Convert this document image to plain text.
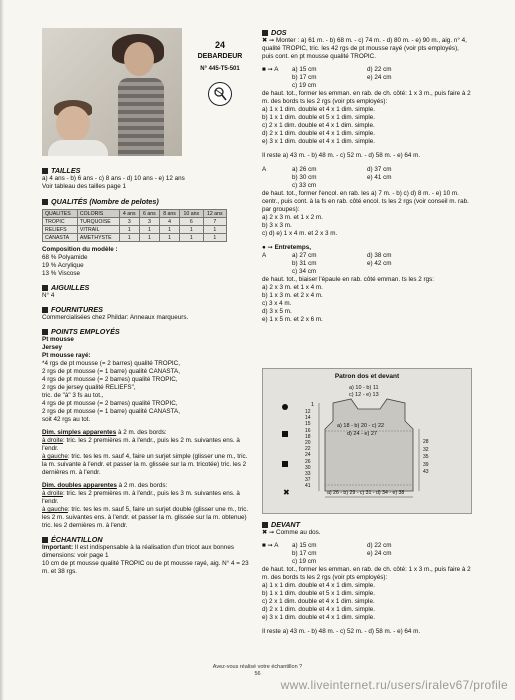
24
DEBARDEUR
N° 445-T5-501
TAILLES
a) 4 ans - b) 6 ans - c) 8 ans - d) 10 ans - e) 12 ans
Voir tableau des tailles page 1
QUALITÉS (Nombre de pelotes)
QUALITES	COLORIS	4 ans	6 ans	8 ans	10 ans	12 ans
TROPIC	TURQUOISE	3	3	4	6	7
RELIEFS	VITRAIL	1	1	1	1	1
CANASTA	AMETHYSTE	1	1	1	1	1
Composition du modèle :
68 % Polyamide
19 % Acrylique
13 % Viscose
AIGUILLES
N° 4
FOURNITURES
Commercialisées chez Phildar: Anneaux marqueurs.
POINTS EMPLOYÉS
Pt mousse
Jersey
Pt mousse rayé:
*4 rgs de pt mousse (= 2 barres) qualité TROPIC,
2 rgs de pt mousse (= 1 barre) qualité CANASTA,
4 rgs de pt mousse (= 2 barres) qualité TROPIC,
2 rgs de jersey qualité RELIEFS",
tric. de "à" 3 fs au tot.,
4 rgs de pt mousse (= 2 barres) qualité TROPIC,
2 rgs de pt mousse (= 1 barre) qualité CANASTA,
soit 42 rgs au tot.
Dim. simples apparentes à 2 m. des bords:
à droite: tric. les 2 premières m. à l'endr., puis les 2 m. suivantes ens. à l'endr.
à gauche: tric. tes les m. sauf 4, faire un surjet simple (glisser une m., tric. la m. suivante à l'endr. et passer la m. glissée sur la m. tricotée) tric. les 2 dernières m. à l'endr.
Dim. doubles apparentes à 2 m. des bords:
à droite: tric. les 2 premières m. à l'endr., puis les 3 m. suivantes ens. à l'endr.
à gauche: tric. tes les m. sauf 5, faire un surjet double (glisser une m., tric. les 2 m. suivantes ens. à l'endr. et passer la m. glissée sur la m. obtenue) tric. les 2 dernières m. à l'endr.
ÉCHANTILLON
Important: Il est indispensable à la réalisation d'un tricot aux bonnes dimensions: voir page 1
10 cm de pt mousse qualité TROPIC ou de pt mousse rayé, aig. N° 4 = 23 m. et 38 rgs.
DOS
✖ ➞ Monter : a) 61 m. - b) 68 m. - c) 74 m. - d) 80 m. - e) 90 m., aig. n° 4, qualité TROPIC, tric. les 42 rgs de pt mousse rayé (voir pts employés), puis cont. en pt mousse qualité TROPIC.
■ ➞ A	a) 15 cm	d) 22 cm
b) 17 cm	e) 24 cm
c) 19 cm
de haut. tot., former les emman. en rab. de ch. côté: 1 x 3 m., puis faire à 2 m. des bords ts les 2 rgs (voir pts employés):
a) 1 x 1 dim. double et 4 x 1 dim. simple.
b) 1 x 1 dim. double et 5 x 1 dim. simple.
c) 2 x 1 dim. double et 4 x 1 dim. simple.
d) 2 x 1 dim. double et 4 x 1 dim. simple.
e) 3 x 1 dim. double et 4 x 1 dim. simple.
Il reste a) 43 m. - b) 48 m. - c) 52 m. - d) 58 m. - e) 64 m.
A	a) 26 cm	d) 37 cm
b) 30 cm	e) 41 cm
c) 33 cm
de haut. tot., former l'encol. en rab. les a) 7 m. - b) c) d) 8 m. - e) 10 m. centr., puis cont. à la fs en rab. côté encol. ts les 2 rgs (voir conseil m. rab. par groupes):
a) 2 x 3 m. et 1 x 2 m.
b) 3 x 3 m.
c) d) e) 1 x 4 m. et 2 x 3 m.
● ➞ Entretemps,
A	a) 27 cm	d) 38 cm
b) 31 cm	e) 42 cm
c) 34 cm
de haut. tot., biaiser l'épaule en rab. côté emman. ts les 2 rgs:
a) 2 x 3 m. et 1 x 4 m.
b) 1 x 3 m. et 2 x 4 m.
c) 3 x 4 m.
d) 3 x 5 m.
e) 1 x 5 m. et 2 x 6 m.
Patron dos et devant
✖
a) 10 - b) 11
c) 12 - e) 13
1
a) 18 - b) 20 - c) 22
d) 24 - e) 27
a) 26 - b) 29 - c) 31 - d) 34 - e) 38
12
14
15
16
18
20
22
24
26
30
33
37
41
28
32
35
39
43
DEVANT
✖ ➞ Comme au dos.
■ ➞ A	a) 15 cm	d) 22 cm
b) 17 cm	e) 24 cm
c) 19 cm
de haut. tot., former les emman. en rab. de ch. côté: 1 x 3 m., puis faire à 2 m. des bords ts les 2 rgs (voir pts employés):
a) 1 x 1 dim. double et 4 x 1 dim. simple.
b) 1 x 1 dim. double et 5 x 1 dim. simple.
c) 2 x 1 dim. double et 4 x 1 dim. simple.
d) 2 x 1 dim. double et 4 x 1 dim. simple.
e) 3 x 1 dim. double et 4 x 1 dim. simple.
Il reste a) 43 m. - b) 48 m. - c) 52 m. - d) 58 m. - e) 64 m.
Avez-vous réalisé votre échantillon ?
56
www.liveinternet.ru/users/iralev67/profile
